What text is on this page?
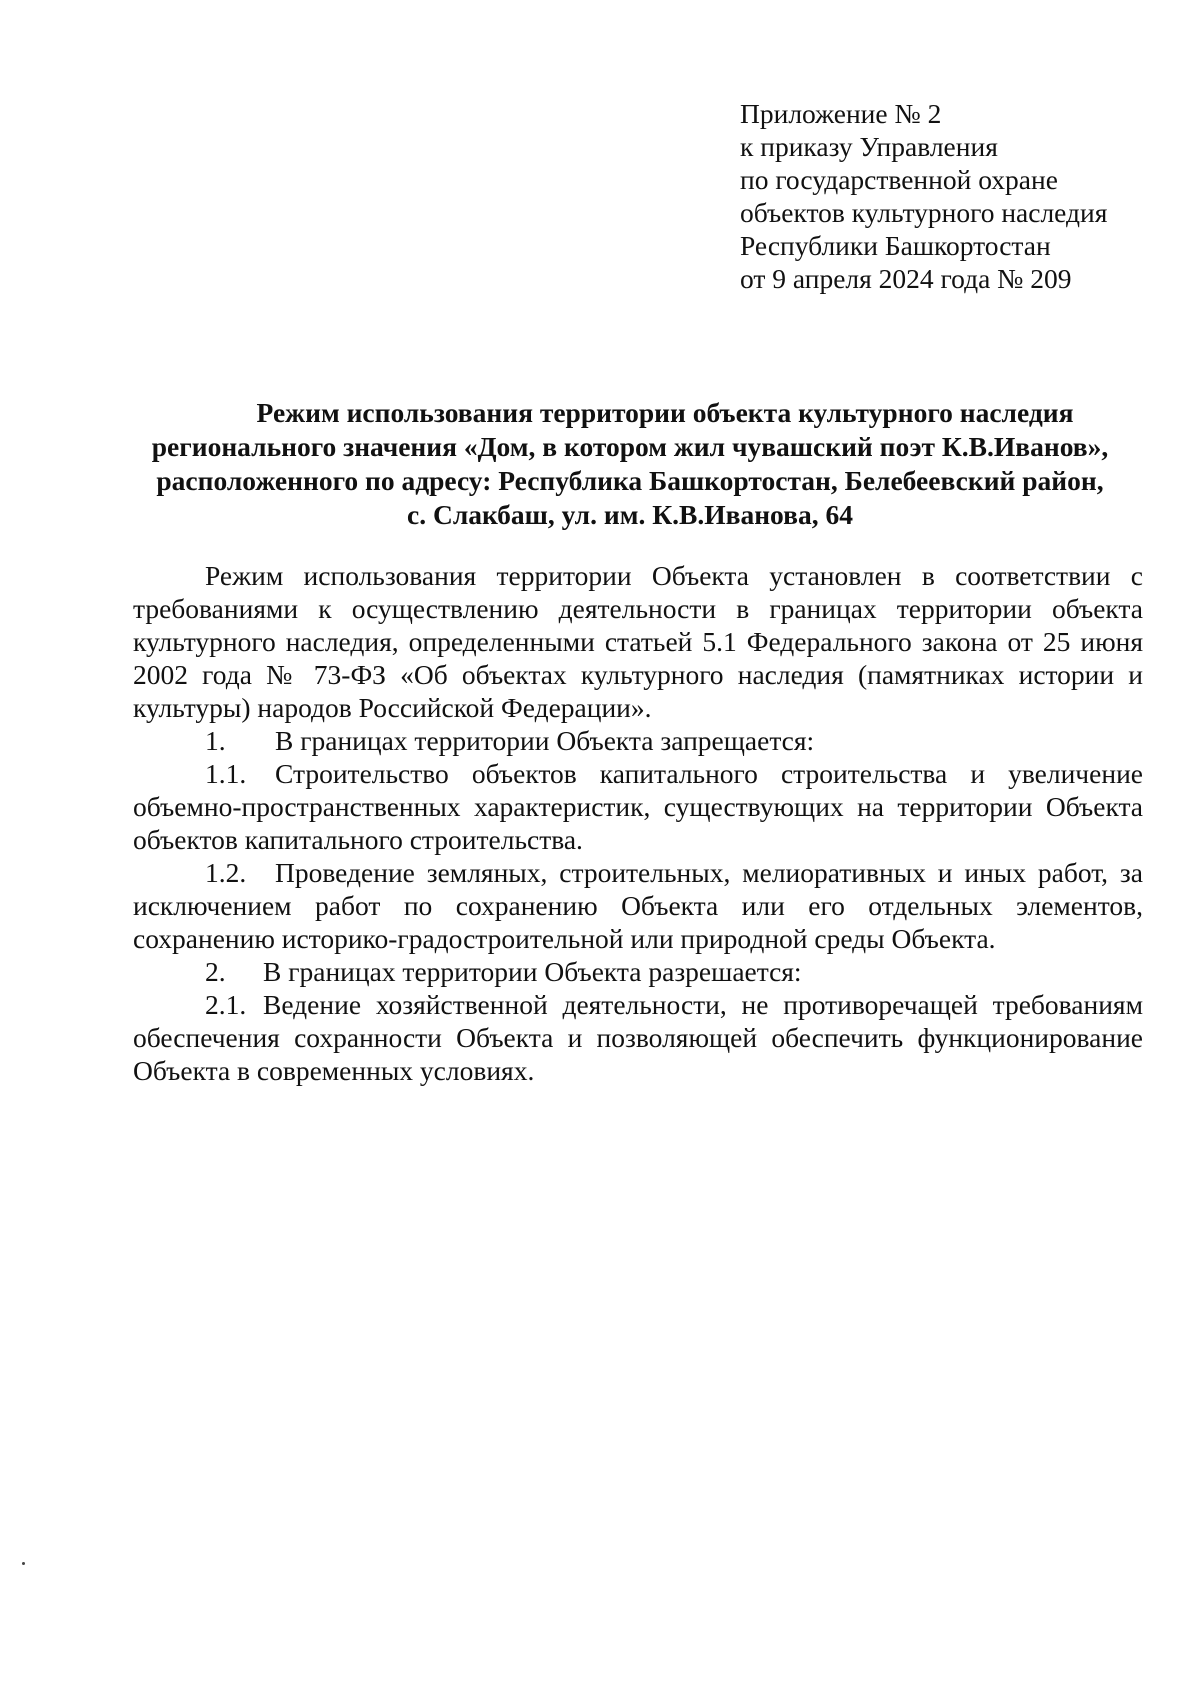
Приложение № 2
к приказу Управления
по государственной охране
объектов культурного наследия
Республики Башкортостан
от 9 апреля 2024 года № 209
Режим использования территории объекта культурного наследия
регионального значения «Дом, в котором жил чувашский поэт К.В.Иванов»,
расположенного по адресу: Республика Башкортостан, Белебеевский район,
с. Слакбаш, ул. им. К.В.Иванова, 64

Режим использования территории Объекта установлен в соответствии с требованиями к осуществлению деятельности в границах территории объекта культурного наследия, определенными статьей 5.1 Федерального закона от 25 июня 2002 года № 73-ФЗ «Об объектах культурного наследия (памятниках истории и культуры) народов Российской Федерации».

1. В границах территории Объекта запрещается:

1.1. Строительство объектов капитального строительства и увеличение объемно-пространственных характеристик, существующих на территории Объекта объектов капитального строительства.

1.2. Проведение земляных, строительных, мелиоративных и иных работ, за исключением работ по сохранению Объекта или его отдельных элементов, сохранению историко-градостроительной или природной среды Объекта.

2. В границах территории Объекта разрешается:

2.1. Ведение хозяйственной деятельности, не противоречащей требованиям обеспечения сохранности Объекта и позволяющей обеспечить функционирование Объекта в современных условиях.
